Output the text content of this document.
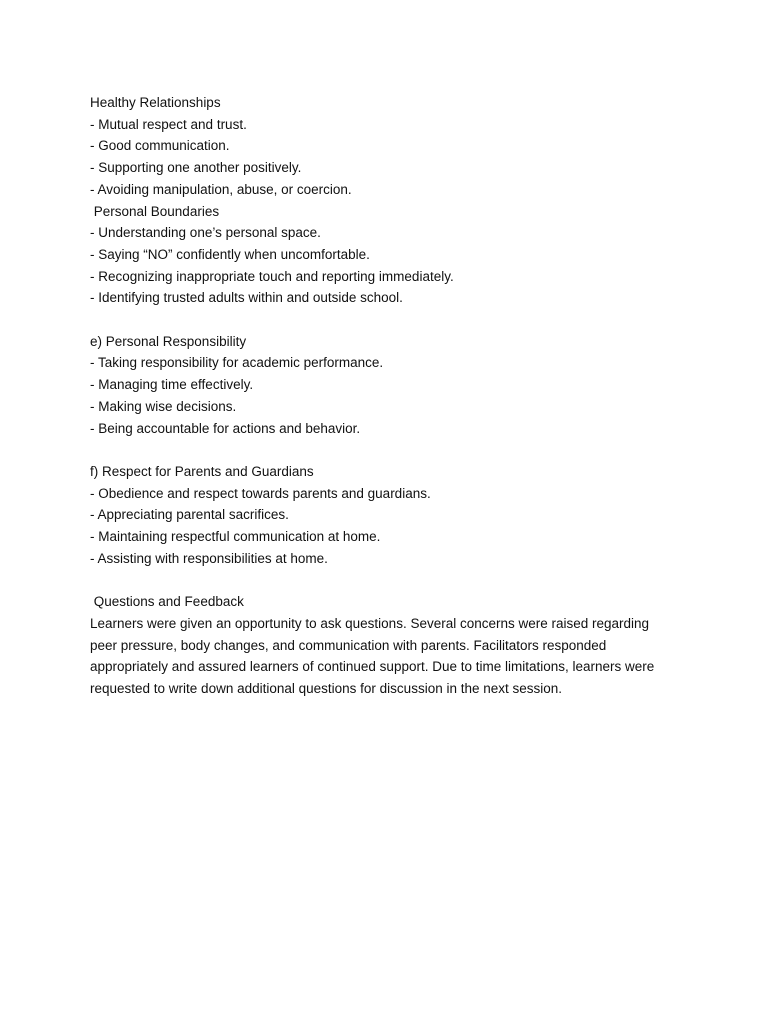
Healthy Relationships
- Mutual respect and trust.
- Good communication.
- Supporting one another positively.
- Avoiding manipulation, abuse, or coercion.
Personal Boundaries
- Understanding one’s personal space.
- Saying “NO” confidently when uncomfortable.
- Recognizing inappropriate touch and reporting immediately.
- Identifying trusted adults within and outside school.
e) Personal Responsibility
- Taking responsibility for academic performance.
- Managing time effectively.
- Making wise decisions.
- Being accountable for actions and behavior.
f) Respect for Parents and Guardians
- Obedience and respect towards parents and guardians.
- Appreciating parental sacrifices.
- Maintaining respectful communication at home.
- Assisting with responsibilities at home.
Questions and Feedback
Learners were given an opportunity to ask questions. Several concerns were raised regarding
peer pressure, body changes, and communication with parents. Facilitators responded
appropriately and assured learners of continued support. Due to time limitations, learners were
requested to write down additional questions for discussion in the next session.
